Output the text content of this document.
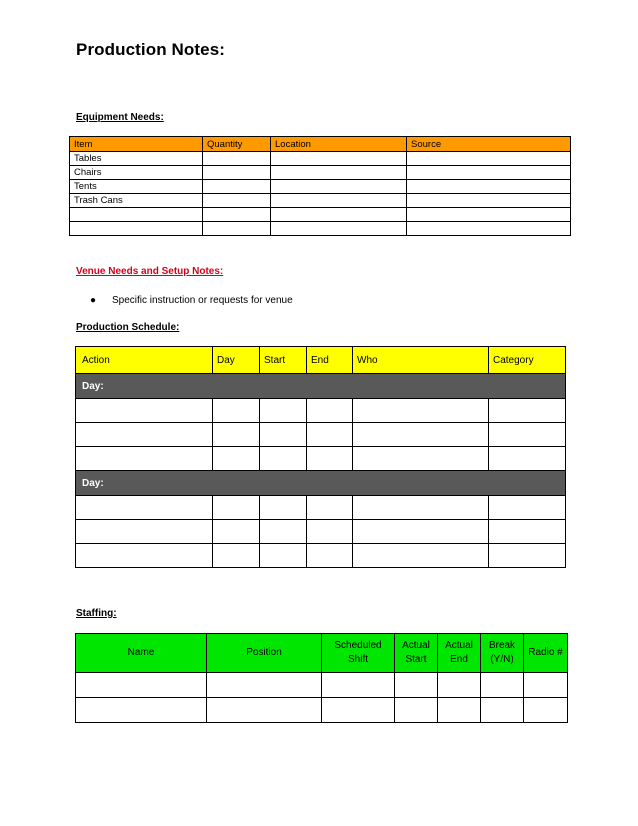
Production Notes:
Equipment Needs:
Item	Quantity	Location	Source
Tables			
Chairs			
Tents			
Trash Cans			

Venue Needs and Setup Notes:
● Specific instruction or requests for venue
Production Schedule:
Action	Day	Start	End	Who	Category
Day:					

Day:					

Staffing:
Name	Position	Scheduled Shift	Actual Start	Actual End	Break (Y/N)	Radio #
